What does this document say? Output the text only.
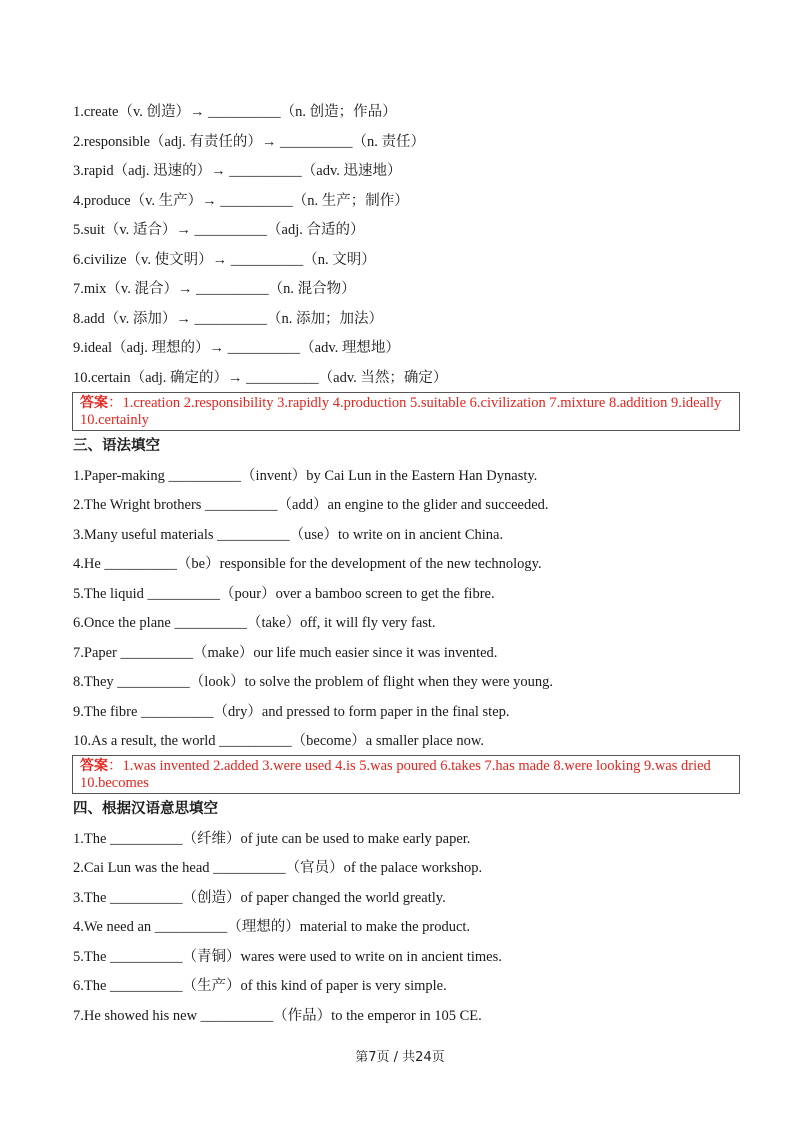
1.create（v. 创造）→ __________（n. 创造；作品）
2.responsible（adj. 有责任的）→ __________（n. 责任）
3.rapid（adj. 迅速的）→ __________（adv. 迅速地）
4.produce（v. 生产）→ __________（n. 生产；制作）
5.suit（v. 适合）→ __________（adj. 合适的）
6.civilize（v. 使文明）→ __________（n. 文明）
7.mix（v. 混合）→ __________（n. 混合物）
8.add（v. 添加）→ __________（n. 添加；加法）
9.ideal（adj. 理想的）→ __________（adv. 理想地）
10.certain（adj. 确定的）→ __________（adv. 当然；确定）
答案：1.creation 2.responsibility 3.rapidly 4.production 5.suitable 6.civilization 7.mixture 8.addition 9.ideally 10.certainly
三、语法填空
1.Paper-making __________（invent）by Cai Lun in the Eastern Han Dynasty.
2.The Wright brothers __________（add）an engine to the glider and succeeded.
3.Many useful materials __________（use）to write on in ancient China.
4.He __________（be）responsible for the development of the new technology.
5.The liquid __________（pour）over a bamboo screen to get the fibre.
6.Once the plane __________（take）off, it will fly very fast.
7.Paper __________（make）our life much easier since it was invented.
8.They __________（look）to solve the problem of flight when they were young.
9.The fibre __________（dry）and pressed to form paper in the final step.
10.As a result, the world __________（become）a smaller place now.
答案：1.was invented 2.added 3.were used 4.is 5.was poured 6.takes 7.has made 8.were looking 9.was dried 10.becomes
四、根据汉语意思填空
1.The __________（纤维）of jute can be used to make early paper.
2.Cai Lun was the head __________（官员）of the palace workshop.
3.The __________（创造）of paper changed the world greatly.
4.We need an __________（理想的）material to make the product.
5.The __________（青铜）wares were used to write on in ancient times.
6.The __________（生产）of this kind of paper is very simple.
7.He showed his new __________（作品）to the emperor in 105 CE.
第7页 / 共24页
